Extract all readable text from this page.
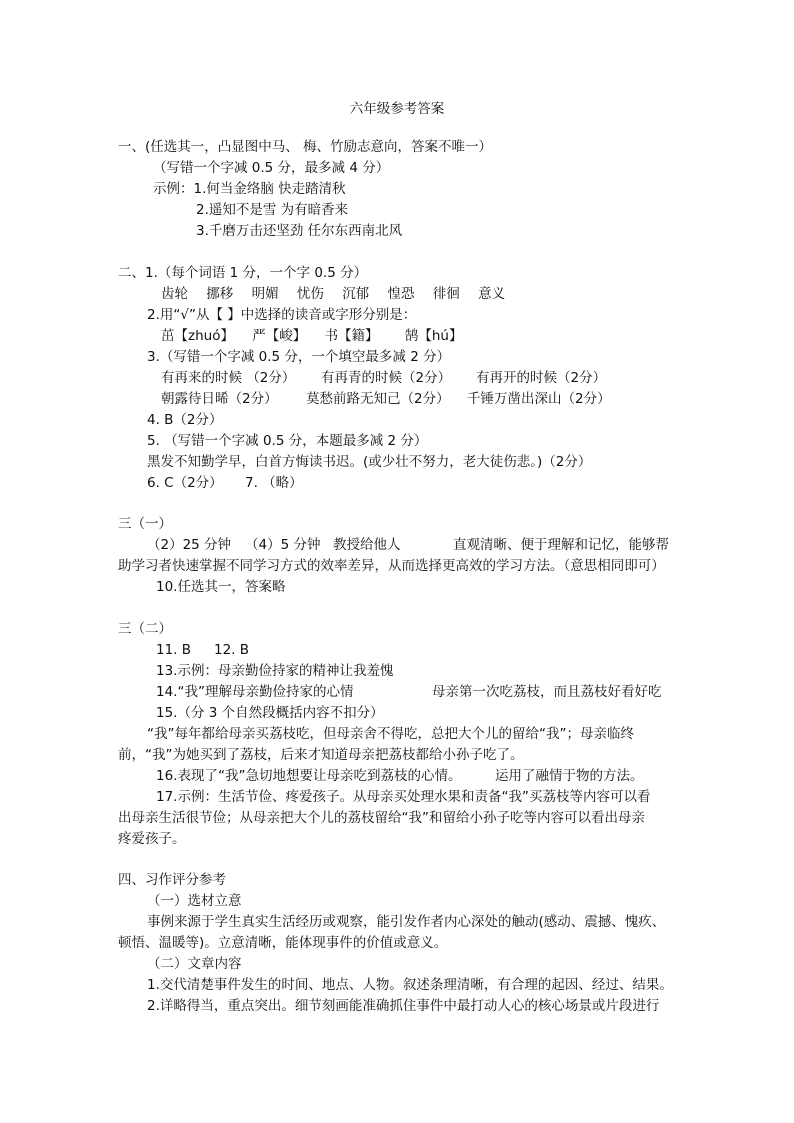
六年级参考答案
一、(任选其一，凸显图中马、 梅、竹励志意向，答案不唯一）
（写错一个字减 0.5 分，最多减 4 分）
示例：1.何当金络脑 快走踏清秋
2.遥知不是雪 为有暗香来
3.千磨万击还坚劲 任尔东西南北风
二、1.（每个词语 1 分，一个字 0.5 分）
齿轮 挪移 明媚 忧伤 沉郁 惶恐 徘徊 意义
2.用“√”从【 】中选择的读音或字形分别是：
茁【zhuó】 严【峻】 书【籍】 鹄【hú】
3.（写错一个字减 0.5 分，一个填空最多减 2 分）
有再来的时候 （2分） 有再青的时候（2分） 有再开的时候（2分）
朝露待日晞（2分） 莫愁前路无知己（2分） 千锤万凿出深山（2分）
4. B（2分）
5. （写错一个字减 0.5 分，本题最多减 2 分）
黑发不知勤学早，白首方悔读书迟。(或少壮不努力，老大徒伤悲。)（2分）
6. C（2分） 7. （略）
三（一）
（2）25 分钟 （4）5 分钟 教授给他人	直观清晰、便于理解和记忆，能够帮
助学习者快速掌握不同学习方式的效率差异，从而选择更高效的学习方法。（意思相同即可）
10.任选其一，答案略
三（二）
11. B 12. B
13.示例：母亲勤俭持家的精神让我羞愧
14.“我”理解母亲勤俭持家的心情	母亲第一次吃荔枝，而且荔枝好看好吃
15.（分 3 个自然段概括内容不扣分）
“我”每年都给母亲买荔枝吃，但母亲舍不得吃，总把大个儿的留给“我”；母亲临终
前，“我”为她买到了荔枝，后来才知道母亲把荔枝都给小孙子吃了。
16.表现了“我”急切地想要让母亲吃到荔枝的心情。 运用了融情于物的方法。
17.示例：生活节俭、疼爱孩子。从母亲买处理水果和责备“我”买荔枝等内容可以看
出母亲生活很节俭；从母亲把大个儿的荔枝留给“我”和留给小孙子吃等内容可以看出母亲
疼爱孩子。
四、习作评分参考
（一）选材立意
事例来源于学生真实生活经历或观察，能引发作者内心深处的触动(感动、震撼、愧疚、
顿悟、温暖等)。立意清晰，能体现事件的价值或意义。
（二）文章内容
1.交代清楚事件发生的时间、地点、人物。叙述条理清晰，有合理的起因、经过、结果。
2.详略得当，重点突出。细节刻画能准确抓住事件中最打动人心的核心场景或片段进行
